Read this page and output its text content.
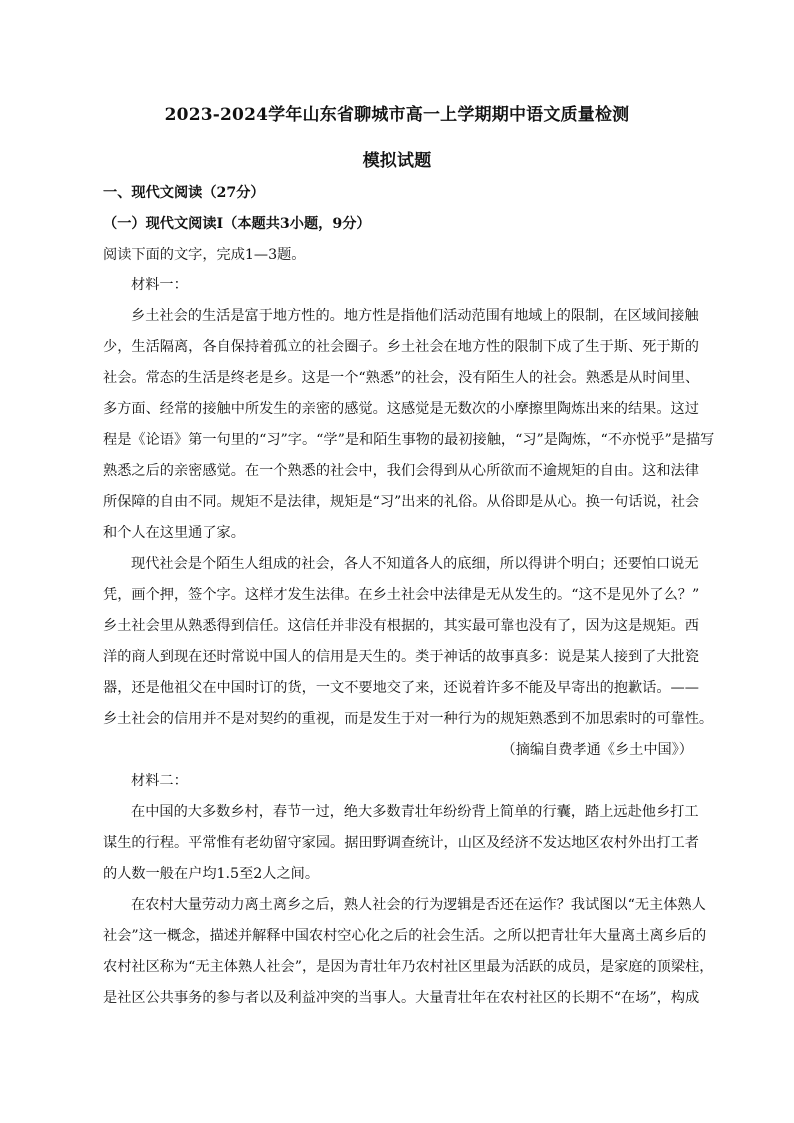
2023-2024学年山东省聊城市高一上学期期中语文质量检测
模拟试题
一、现代文阅读（27分）
（一）现代文阅读Ⅰ（本题共3小题，9分）
阅读下面的文字，完成1—3题。
材料一：
乡土社会的生活是富于地方性的。地方性是指他们活动范围有地域上的限制，在区域间接触
少，生活隔离，各自保持着孤立的社会圈子。乡土社会在地方性的限制下成了生于斯、死于斯的
社会。常态的生活是终老是乡。这是一个“熟悉”的社会，没有陌生人的社会。熟悉是从时间里、
多方面、经常的接触中所发生的亲密的感觉。这感觉是无数次的小摩擦里陶炼出来的结果。这过
程是《论语》第一句里的“习”字。“学”是和陌生事物的最初接触，“习”是陶炼，“不亦悦乎”是描写
熟悉之后的亲密感觉。在一个熟悉的社会中，我们会得到从心所欲而不逾规矩的自由。这和法律
所保障的自由不同。规矩不是法律，规矩是“习”出来的礼俗。从俗即是从心。换一句话说，社会
和个人在这里通了家。
现代社会是个陌生人组成的社会，各人不知道各人的底细，所以得讲个明白；还要怕口说无
凭，画个押，签个字。这样才发生法律。在乡土社会中法律是无从发生的。“这不是见外了么？”
乡土社会里从熟悉得到信任。这信任并非没有根据的，其实最可靠也没有了，因为这是规矩。西
洋的商人到现在还时常说中国人的信用是天生的。类于神话的故事真多：说是某人接到了大批瓷
器，还是他祖父在中国时订的货，一文不要地交了来，还说着许多不能及早寄出的抱歉话。——
乡土社会的信用并不是对契约的重视，而是发生于对一种行为的规矩熟悉到不加思索时的可靠性。
（摘编自费孝通《乡土中国》）
材料二：
在中国的大多数乡村，春节一过，绝大多数青壮年纷纷背上简单的行囊，踏上远赴他乡打工
谋生的行程。平常惟有老幼留守家园。据田野调查统计，山区及经济不发达地区农村外出打工者
的人数一般在户均1.5至2人之间。
在农村大量劳动力离土离乡之后，熟人社会的行为逻辑是否还在运作？我试图以“无主体熟人
社会”这一概念，描述并解释中国农村空心化之后的社会生活。之所以把青壮年大量离土离乡后的
农村社区称为“无主体熟人社会”，是因为青壮年乃农村社区里最为活跃的成员，是家庭的顶梁柱，
是社区公共事务的参与者以及利益冲突的当事人。大量青壮年在农村社区的长期不“在场”，构成
